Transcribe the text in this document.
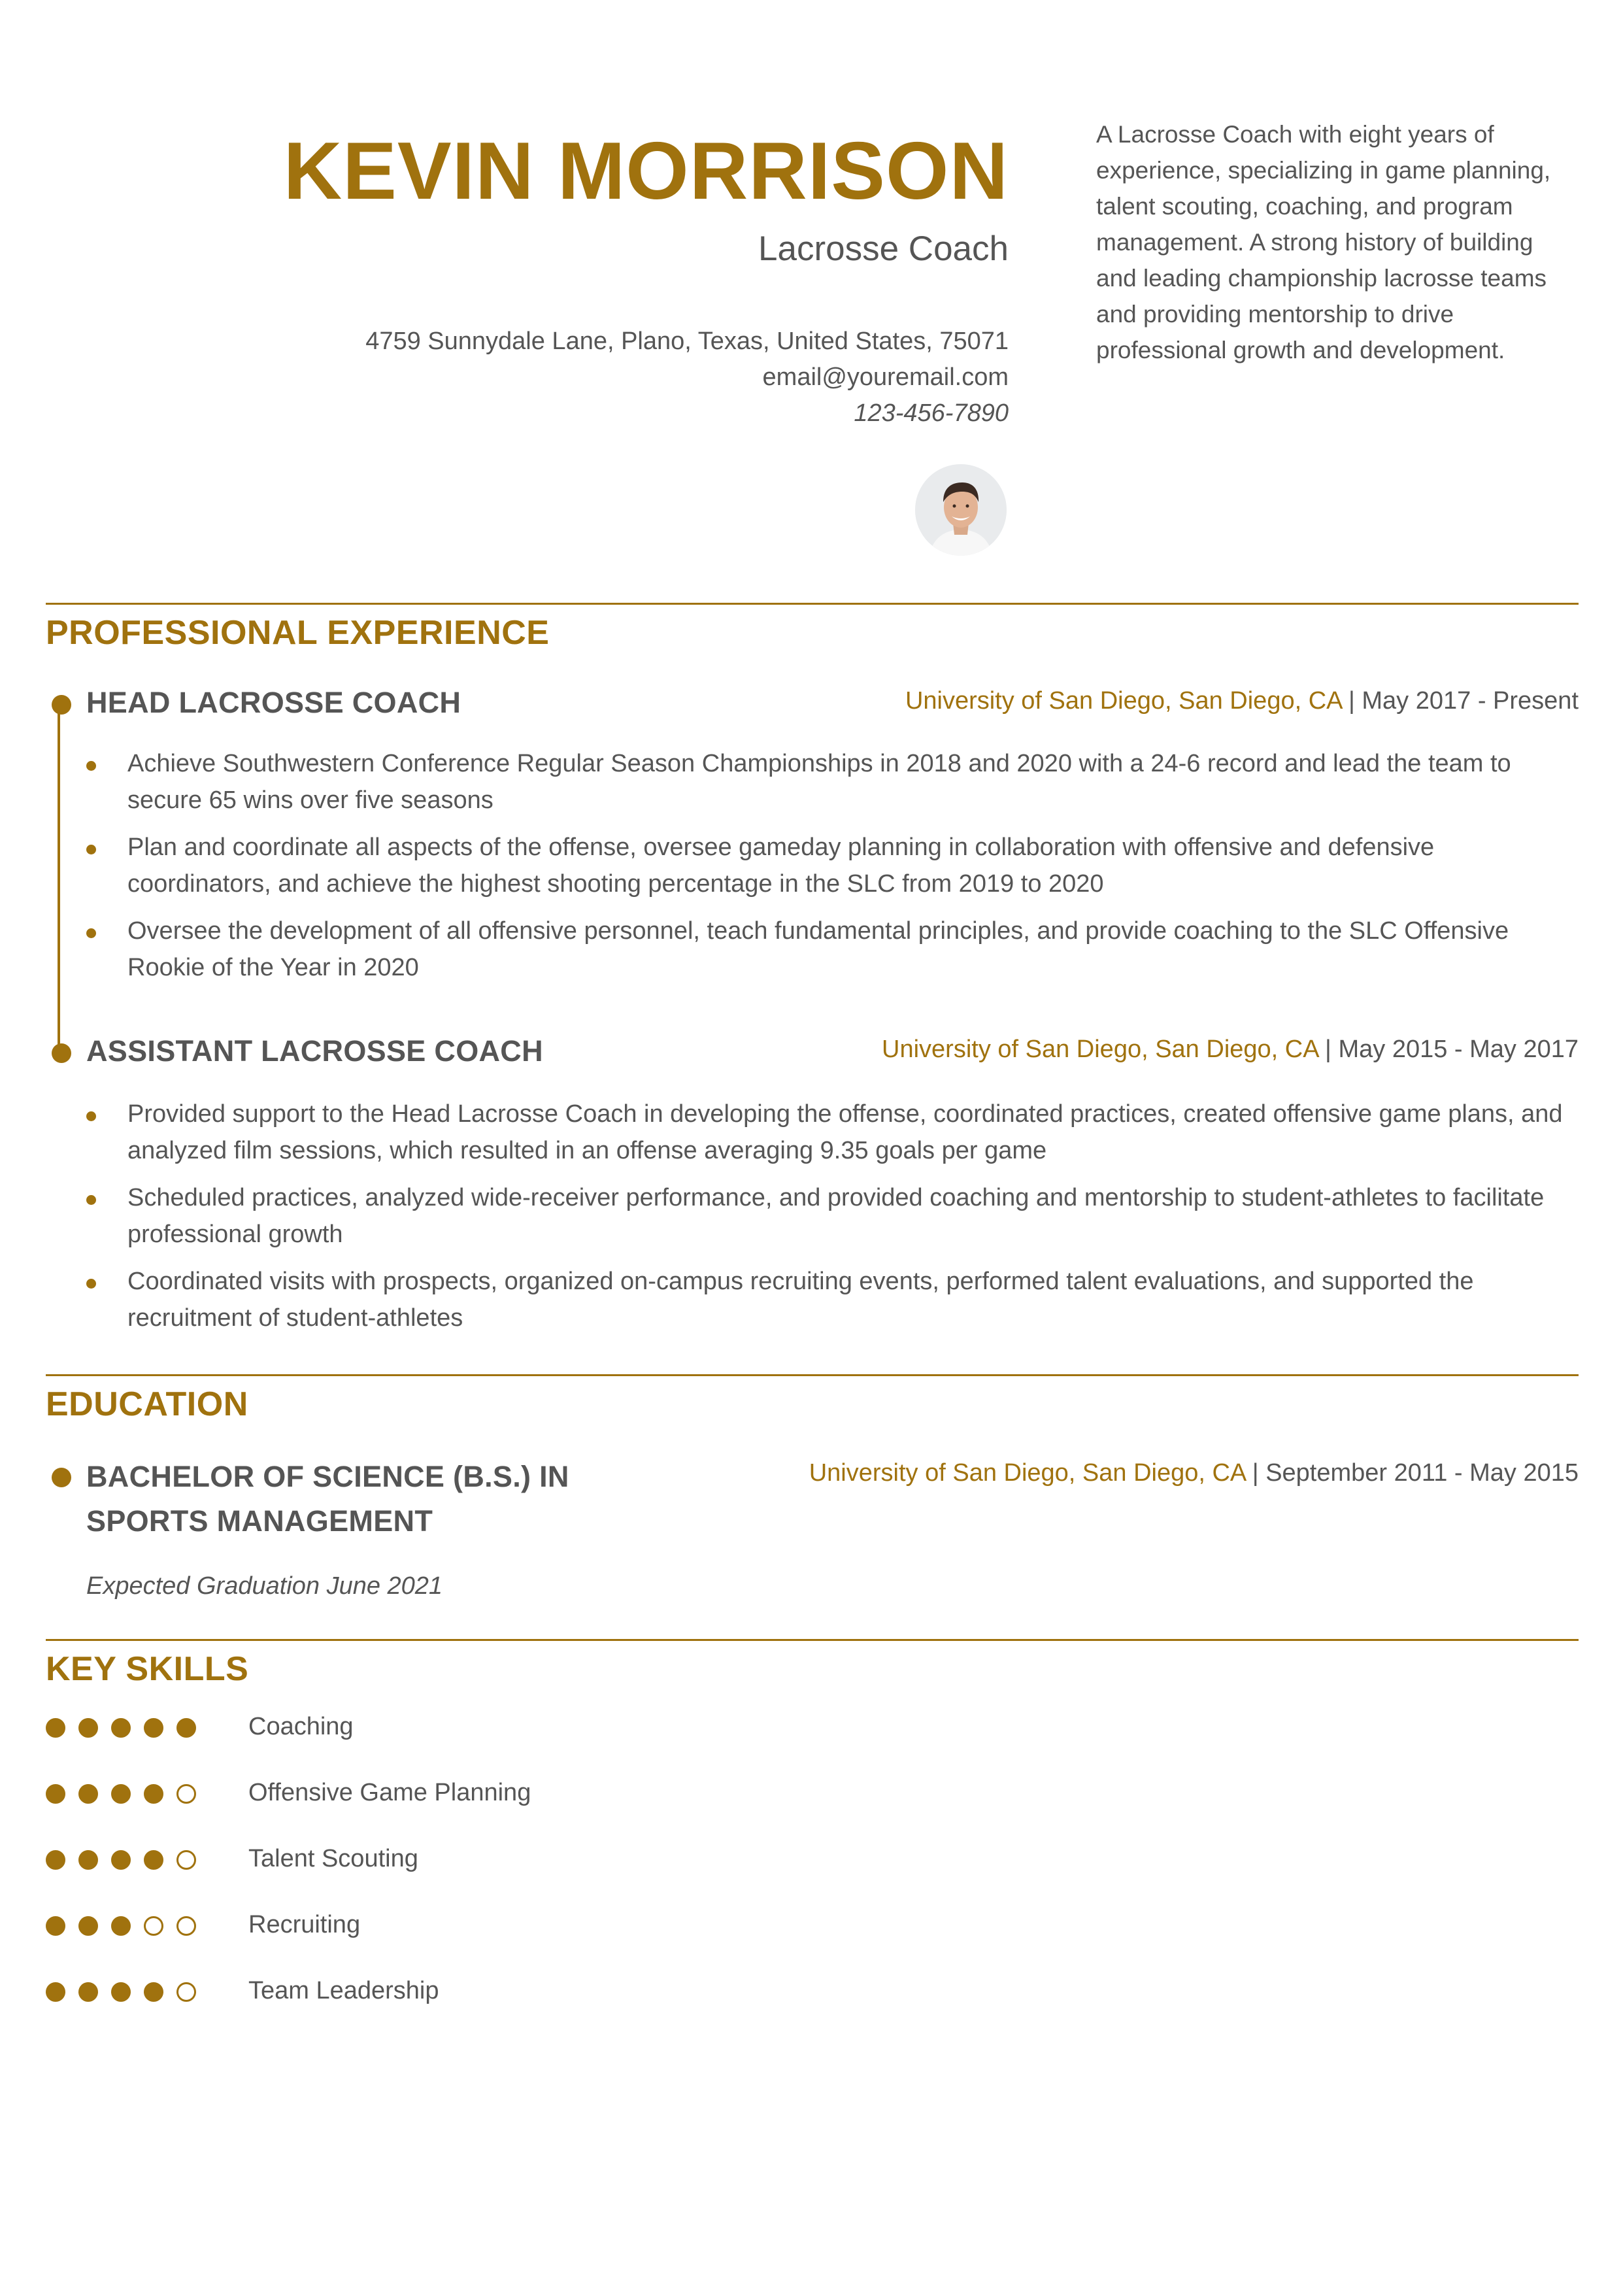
KEVIN MORRISON
Lacrosse Coach
4759 Sunnydale Lane, Plano, Texas, United States, 75071
email@youremail.com
123-456-7890
A Lacrosse Coach with eight years of experience, specializing in game planning, talent scouting, coaching, and program management. A strong history of building and leading championship lacrosse teams and providing mentorship to drive professional growth and development.
PROFESSIONAL EXPERIENCE
HEAD LACROSSE COACH	University of San Diego, San Diego, CA | May 2017 - Present
Achieve Southwestern Conference Regular Season Championships in 2018 and 2020 with a 24-6 record and lead the team to secure 65 wins over five seasons
Plan and coordinate all aspects of the offense, oversee gameday planning in collaboration with offensive and defensive coordinators, and achieve the highest shooting percentage in the SLC from 2019 to 2020
Oversee the development of all offensive personnel, teach fundamental principles, and provide coaching to the SLC Offensive Rookie of the Year in 2020
ASSISTANT LACROSSE COACH	University of San Diego, San Diego, CA | May 2015 - May 2017
Provided support to the Head Lacrosse Coach in developing the offense, coordinated practices, created offensive game plans, and analyzed film sessions, which resulted in an offense averaging 9.35 goals per game
Scheduled practices, analyzed wide-receiver performance, and provided coaching and mentorship to student-athletes to facilitate professional growth
Coordinated visits with prospects, organized on-campus recruiting events, performed talent evaluations, and supported the recruitment of student-athletes
EDUCATION
BACHELOR OF SCIENCE (B.S.) IN SPORTS MANAGEMENT
University of San Diego, San Diego, CA | September 2011 - May 2015
Expected Graduation June 2021
KEY SKILLS
Coaching
Offensive Game Planning
Talent Scouting
Recruiting
Team Leadership
